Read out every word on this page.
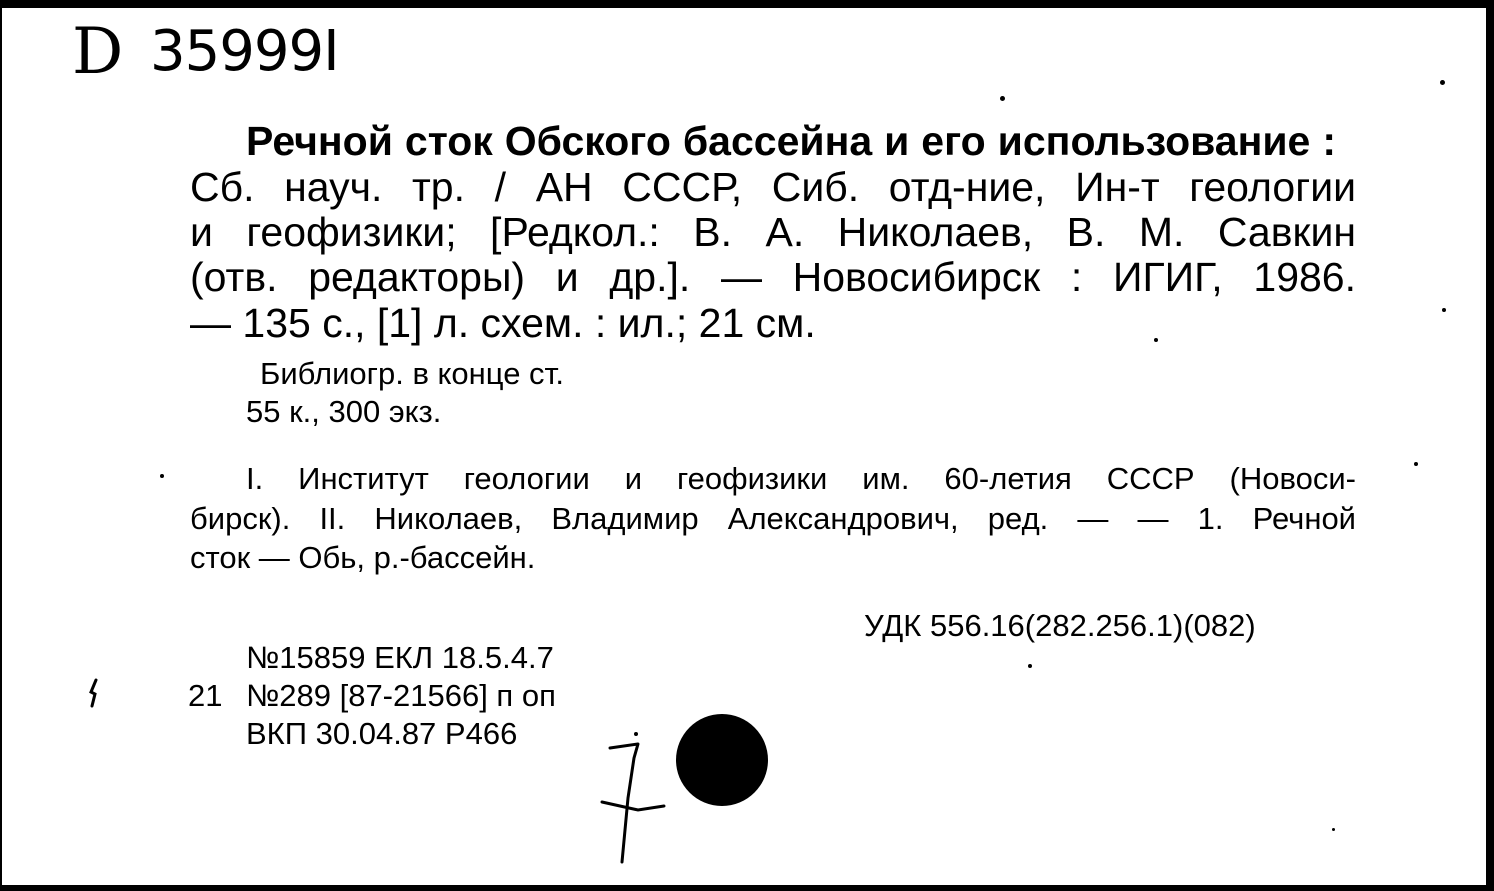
D 35999I
Речной сток Обского бассейна и его использование :
Сб. науч. тр. / АН СССР, Сиб. отд-ние, Ин-т геологии
и геофизики; [Редкол.: В. А. Николаев, В. М. Савкин
(отв. редакторы) и др.]. — Новосибирск : ИГИГ, 1986.
— 135 с., [1] л. схем. : ил.; 21 см.
Библиогр. в конце ст.
55 к., 300 экз.
I. Институт геологии и геофизики им. 60-летия СССР (Новоси-
бирск). II. Николаев, Владимир Александрович, ред. — — 1. Речной
сток — Обь, р.-бассейн.
УДК 556.16(282.256.1)(082)
№15859 ЕКЛ 18.5.4.7
21 №289 [87-21566] п оп
ВКП 30.04.87 Р466
